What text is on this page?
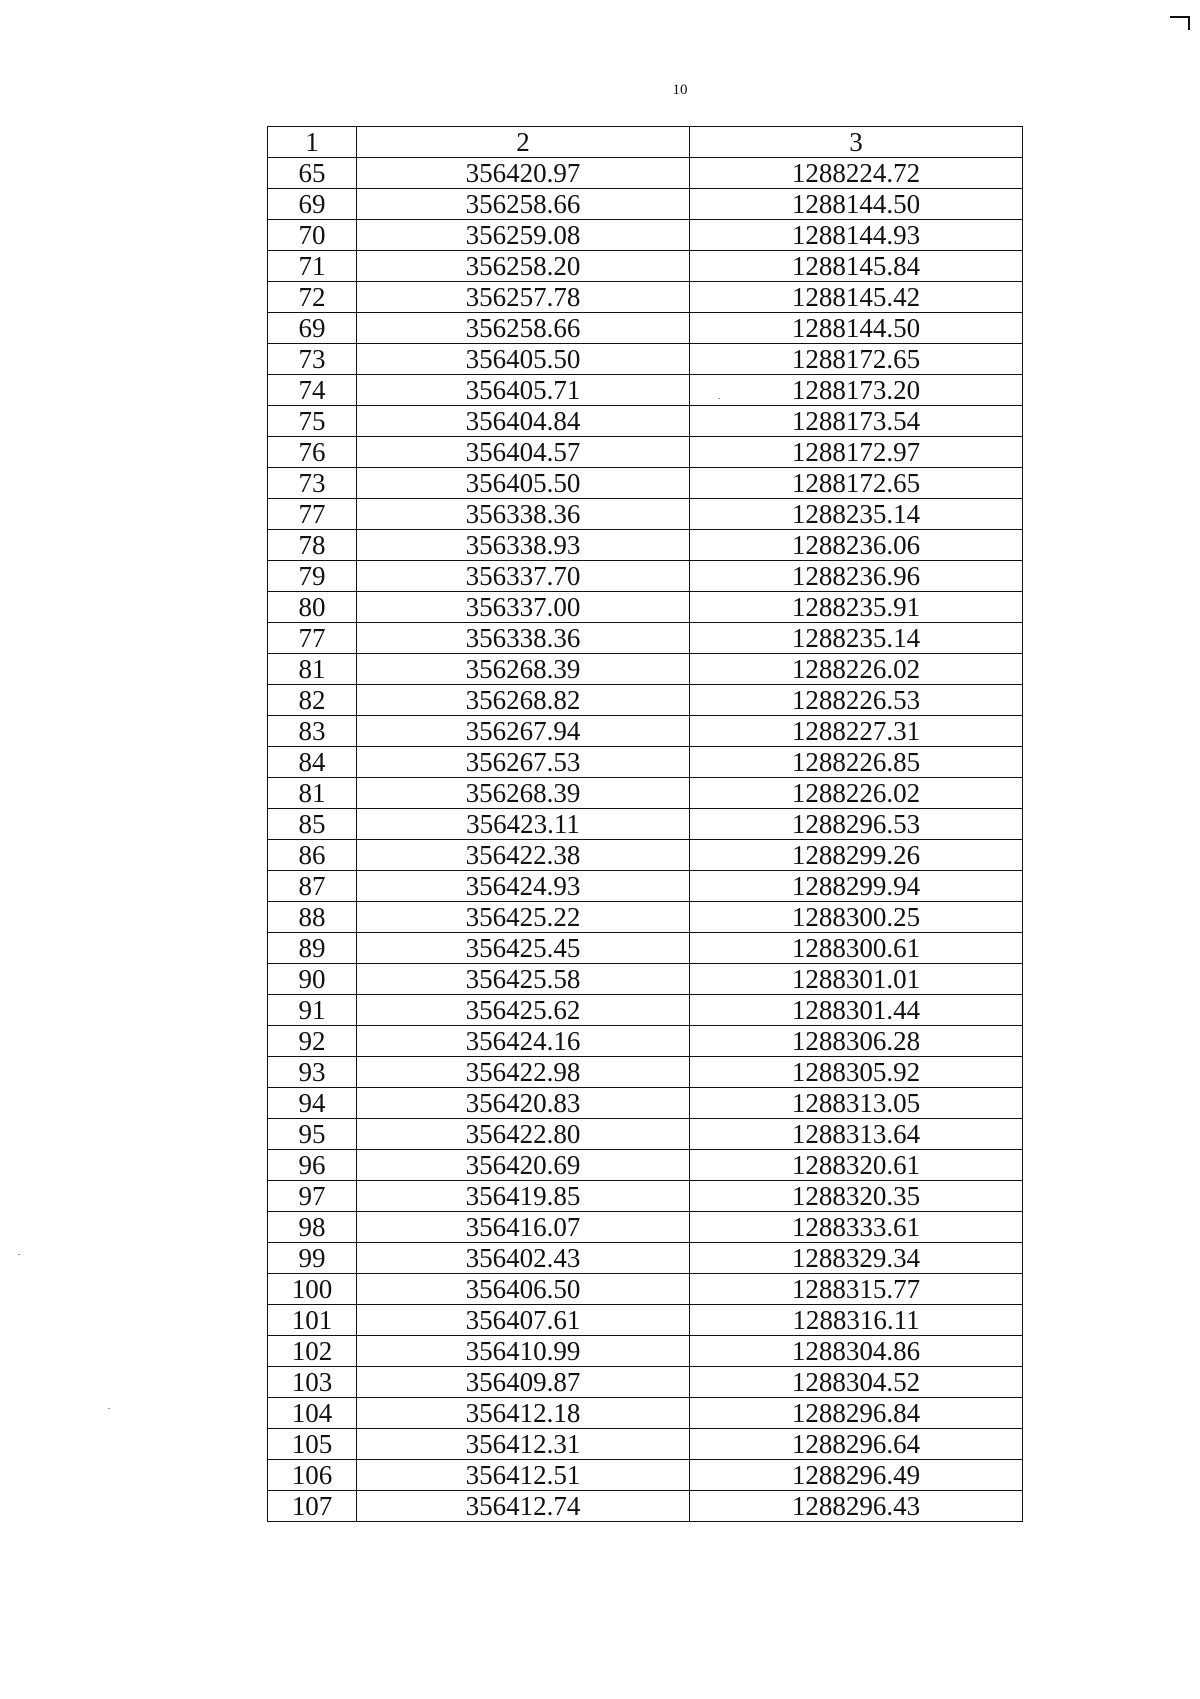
10
1	2	3
65	356420.97	1288224.72
69	356258.66	1288144.50
70	356259.08	1288144.93
71	356258.20	1288145.84
72	356257.78	1288145.42
69	356258.66	1288144.50
73	356405.50	1288172.65
74	356405.71	1288173.20
75	356404.84	1288173.54
76	356404.57	1288172.97
73	356405.50	1288172.65
77	356338.36	1288235.14
78	356338.93	1288236.06
79	356337.70	1288236.96
80	356337.00	1288235.91
77	356338.36	1288235.14
81	356268.39	1288226.02
82	356268.82	1288226.53
83	356267.94	1288227.31
84	356267.53	1288226.85
81	356268.39	1288226.02
85	356423.11	1288296.53
86	356422.38	1288299.26
87	356424.93	1288299.94
88	356425.22	1288300.25
89	356425.45	1288300.61
90	356425.58	1288301.01
91	356425.62	1288301.44
92	356424.16	1288306.28
93	356422.98	1288305.92
94	356420.83	1288313.05
95	356422.80	1288313.64
96	356420.69	1288320.61
97	356419.85	1288320.35
98	356416.07	1288333.61
99	356402.43	1288329.34
100	356406.50	1288315.77
101	356407.61	1288316.11
102	356410.99	1288304.86
103	356409.87	1288304.52
104	356412.18	1288296.84
105	356412.31	1288296.64
106	356412.51	1288296.49
107	356412.74	1288296.43
